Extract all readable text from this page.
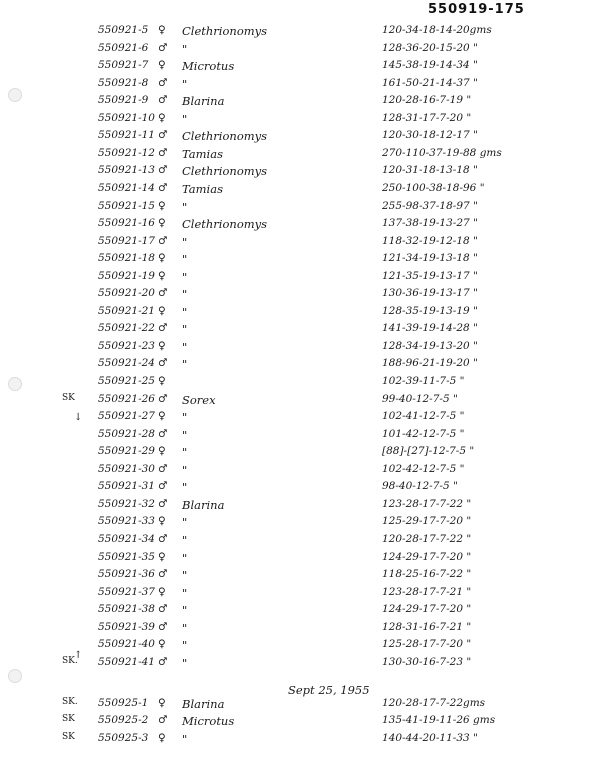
550919-175
550921-5 ♀ Clethrionomys	120-34-18-14-20gms
550921-6 ♂ "	128-36-20-15-20 "
550921-7 ♀ Microtus	145-38-19-14-34 "
550921-8 ♂ "	161-50-21-14-37 "
550921-9 ♂ Blarina	120-28-16-7-19 "
550921-10 ♀ "	128-31-17-7-20 "
550921-11 ♂ Clethrionomys	120-30-18-12-17 "
550921-12 ♂ Tamias	270-110-37-19-88 gms
550921-13 ♂ Clethrionomys	120-31-18-13-18 "
550921-14 ♂ Tamias	250-100-38-18-96 "
550921-15 ♀ "	255-98-37-18-97 "
550921-16 ♀ Clethrionomys	137-38-19-13-27 "
550921-17 ♂ "	118-32-19-12-18 "
550921-18 ♀ "	121-34-19-13-18 "
550921-19 ♀ "	121-35-19-13-17 "
550921-20 ♂ "	130-36-19-13-17 "
550921-21 ♀ "	128-35-19-13-19 "
550921-22 ♂ "	141-39-19-14-28 "
550921-23 ♀ "	128-34-19-13-20 "
550921-24 ♂ "	188-96-21-19-20 "
550921-25 ♀	102-39-11-7-5 "
SK 550921-26 ♂ Sorex	99-40-12-7-5 "
550921-27 ♀ "	102-41-12-7-5 "
550921-28 ♂ "	101-42-12-7-5 "
550921-29 ♀ "	[88]-[27]-12-7-5 "
550921-30 ♂ "	102-42-12-7-5 "
550921-31 ♂ "	98-40-12-7-5 "
550921-32 ♂ Blarina	123-28-17-7-22 "
550921-33 ♀ "	125-29-17-7-20 "
550921-34 ♂ "	120-28-17-7-22 "
550921-35 ♀ "	124-29-17-7-20 "
550921-36 ♂ "	118-25-16-7-22 "
550921-37 ♀ "	123-28-17-7-21 "
550921-38 ♂ "	124-29-17-7-20 "
550921-39 ♂ "	128-31-16-7-21 "
550921-40 ♀ "	125-28-17-7-20 "
SK. 550921-41 ♂ "	130-30-16-7-23 "
SK. 550925-1 ♀ Blarina	120-28-17-7-22gms
SK 550925-2 ♂ Microtus	135-41-19-11-26 gms
SK 550925-3 ♀ "	140-44-20-11-33 "
Sept 25, 1955
↓
↑
